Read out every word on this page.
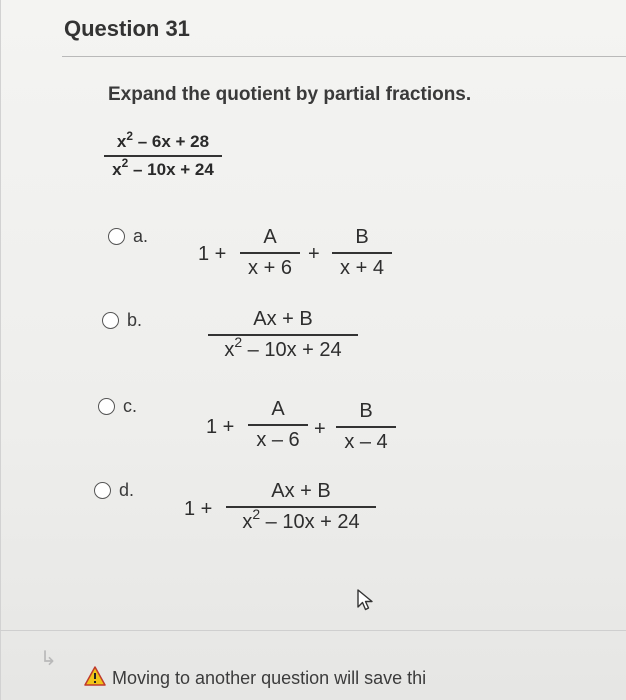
Question 31
Expand the quotient by partial fractions.
$x^2 - 6x + 28$
$x^2 - 10x + 24$
a.
1 +
A
x + 6
+
B
x + 4
b.	Ax + B
$x^2 - 10x + 24$
c.
1 +
A
x – 6 +
B
x – 4
d.
1 +
Ax + B
$x^2 - 10x + 24$
↳
Moving to another question will save thi
